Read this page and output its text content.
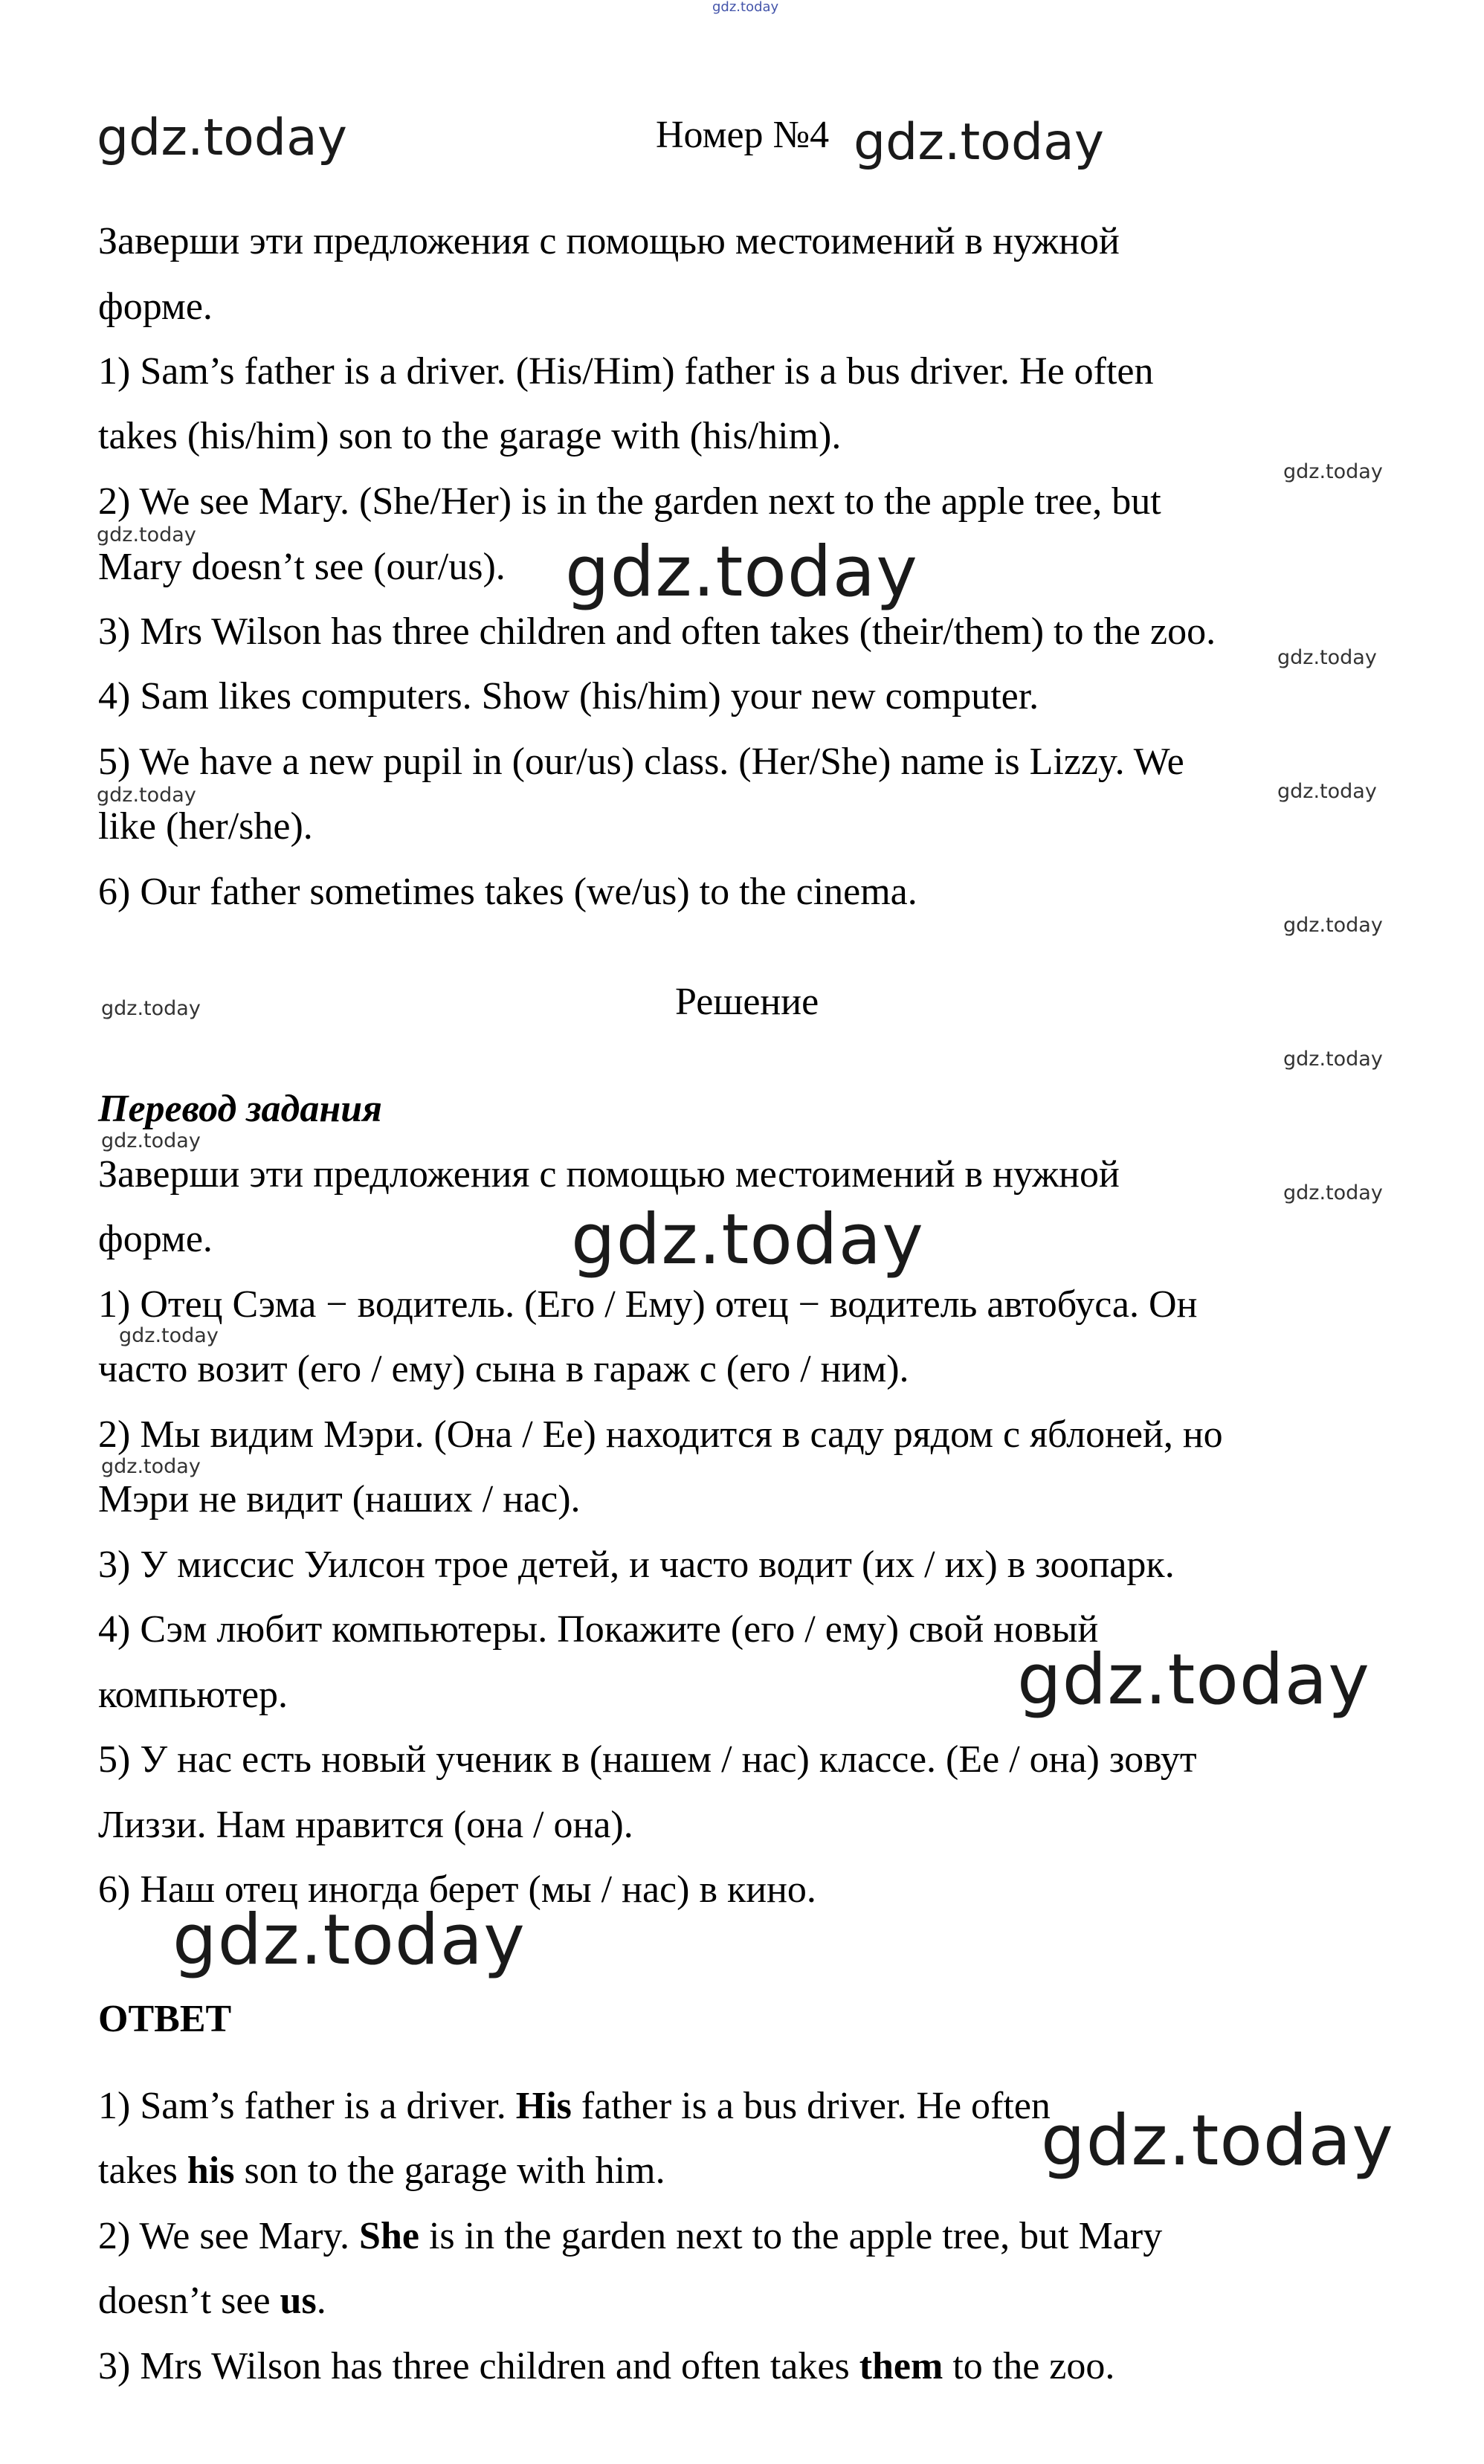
gdz.today
gdz.today	Номер №4 gdz.today
Заверши эти предложения с помощью местоимений в нужной
форме.
1) Sam’s father is a driver. (His/Him) father is a bus driver. He often
takes (his/him) son to the garage with (his/him).
2) We see Mary. (She/Her) is in the garden next to the apple tree, but
Mary doesn’t see (our/us).
3) Mrs Wilson has three children and often takes (their/them) to the zoo.
4) Sam likes computers. Show (his/him) your new computer.
5) We have a new pupil in (our/us) class. (Her/She) name is Lizzy. We
like (her/she).
6) Our father sometimes takes (we/us) to the cinema.
Решение
Перевод задания
Заверши эти предложения с помощью местоимений в нужной
форме.
1) Отец Сэма − водитель. (Его / Ему) отец − водитель автобуса. Он
часто возит (его / ему) сына в гараж с (его / ним).
2) Мы видим Мэри. (Она / Ее) находится в саду рядом с яблоней, но
Мэри не видит (наших / нас).
3) У миссис Уилсон трое детей, и часто водит (их / их) в зоопарк.
4) Сэм любит компьютеры. Покажите (его / ему) свой новый
компьютер.
5) У нас есть новый ученик в (нашем / нас) классе. (Ее / она) зовут
Лиззи. Нам нравится (она / она).
6) Наш отец иногда берет (мы / нас) в кино.
ОТВЕТ
1) Sam’s father is a driver. His father is a bus driver. He often
takes his son to the garage with him.
2) We see Mary. She is in the garden next to the apple tree, but Mary
doesn’t see us.
3) Mrs Wilson has three children and often takes them to the zoo.
gdz.today
gdz.today
gdz.today
gdz.today
gdz.today
gdz.today
gdz.today
gdz.today
gdz.today	gdz.today
gdz.today
gdz.today
gdz.today
gdz.today
gdz.today
gdz.today
gdz.today
